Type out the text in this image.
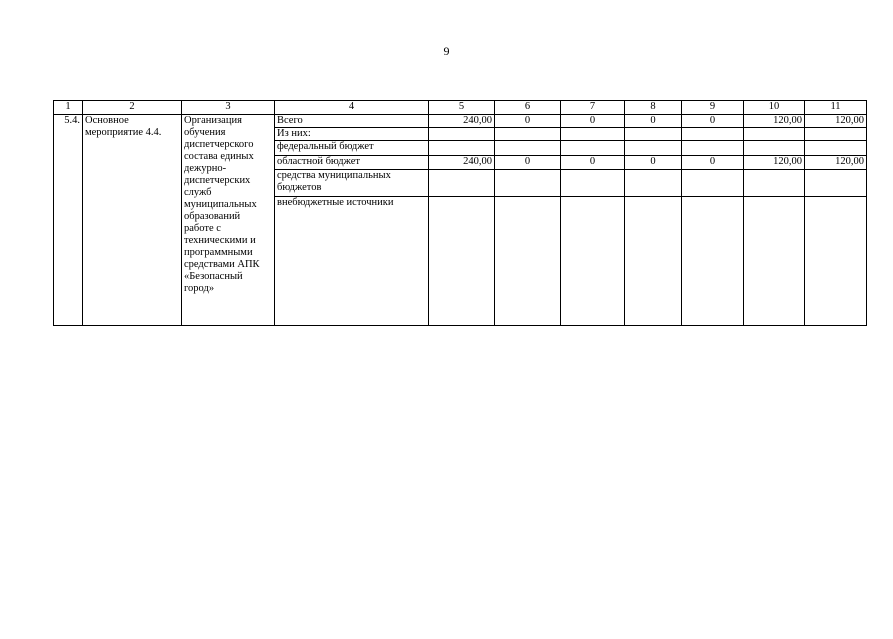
9
1	2	3	4	5	6	7	8	9	10	11
5.4.	Основное мероприятие 4.4.	Организация обучения диспетчерского состава единых дежурно-диспетчерских служб муниципальных образований работе с техническими и программными средствами АПК «Безопасный город»	Всего	240,00	0	0	0	0	120,00	120,00
			Из них:							
			федеральный бюджет							
			областной бюджет	240,00	0	0	0	0	120,00	120,00
			средства муниципальных бюджетов							
			внебюджетные источники							
